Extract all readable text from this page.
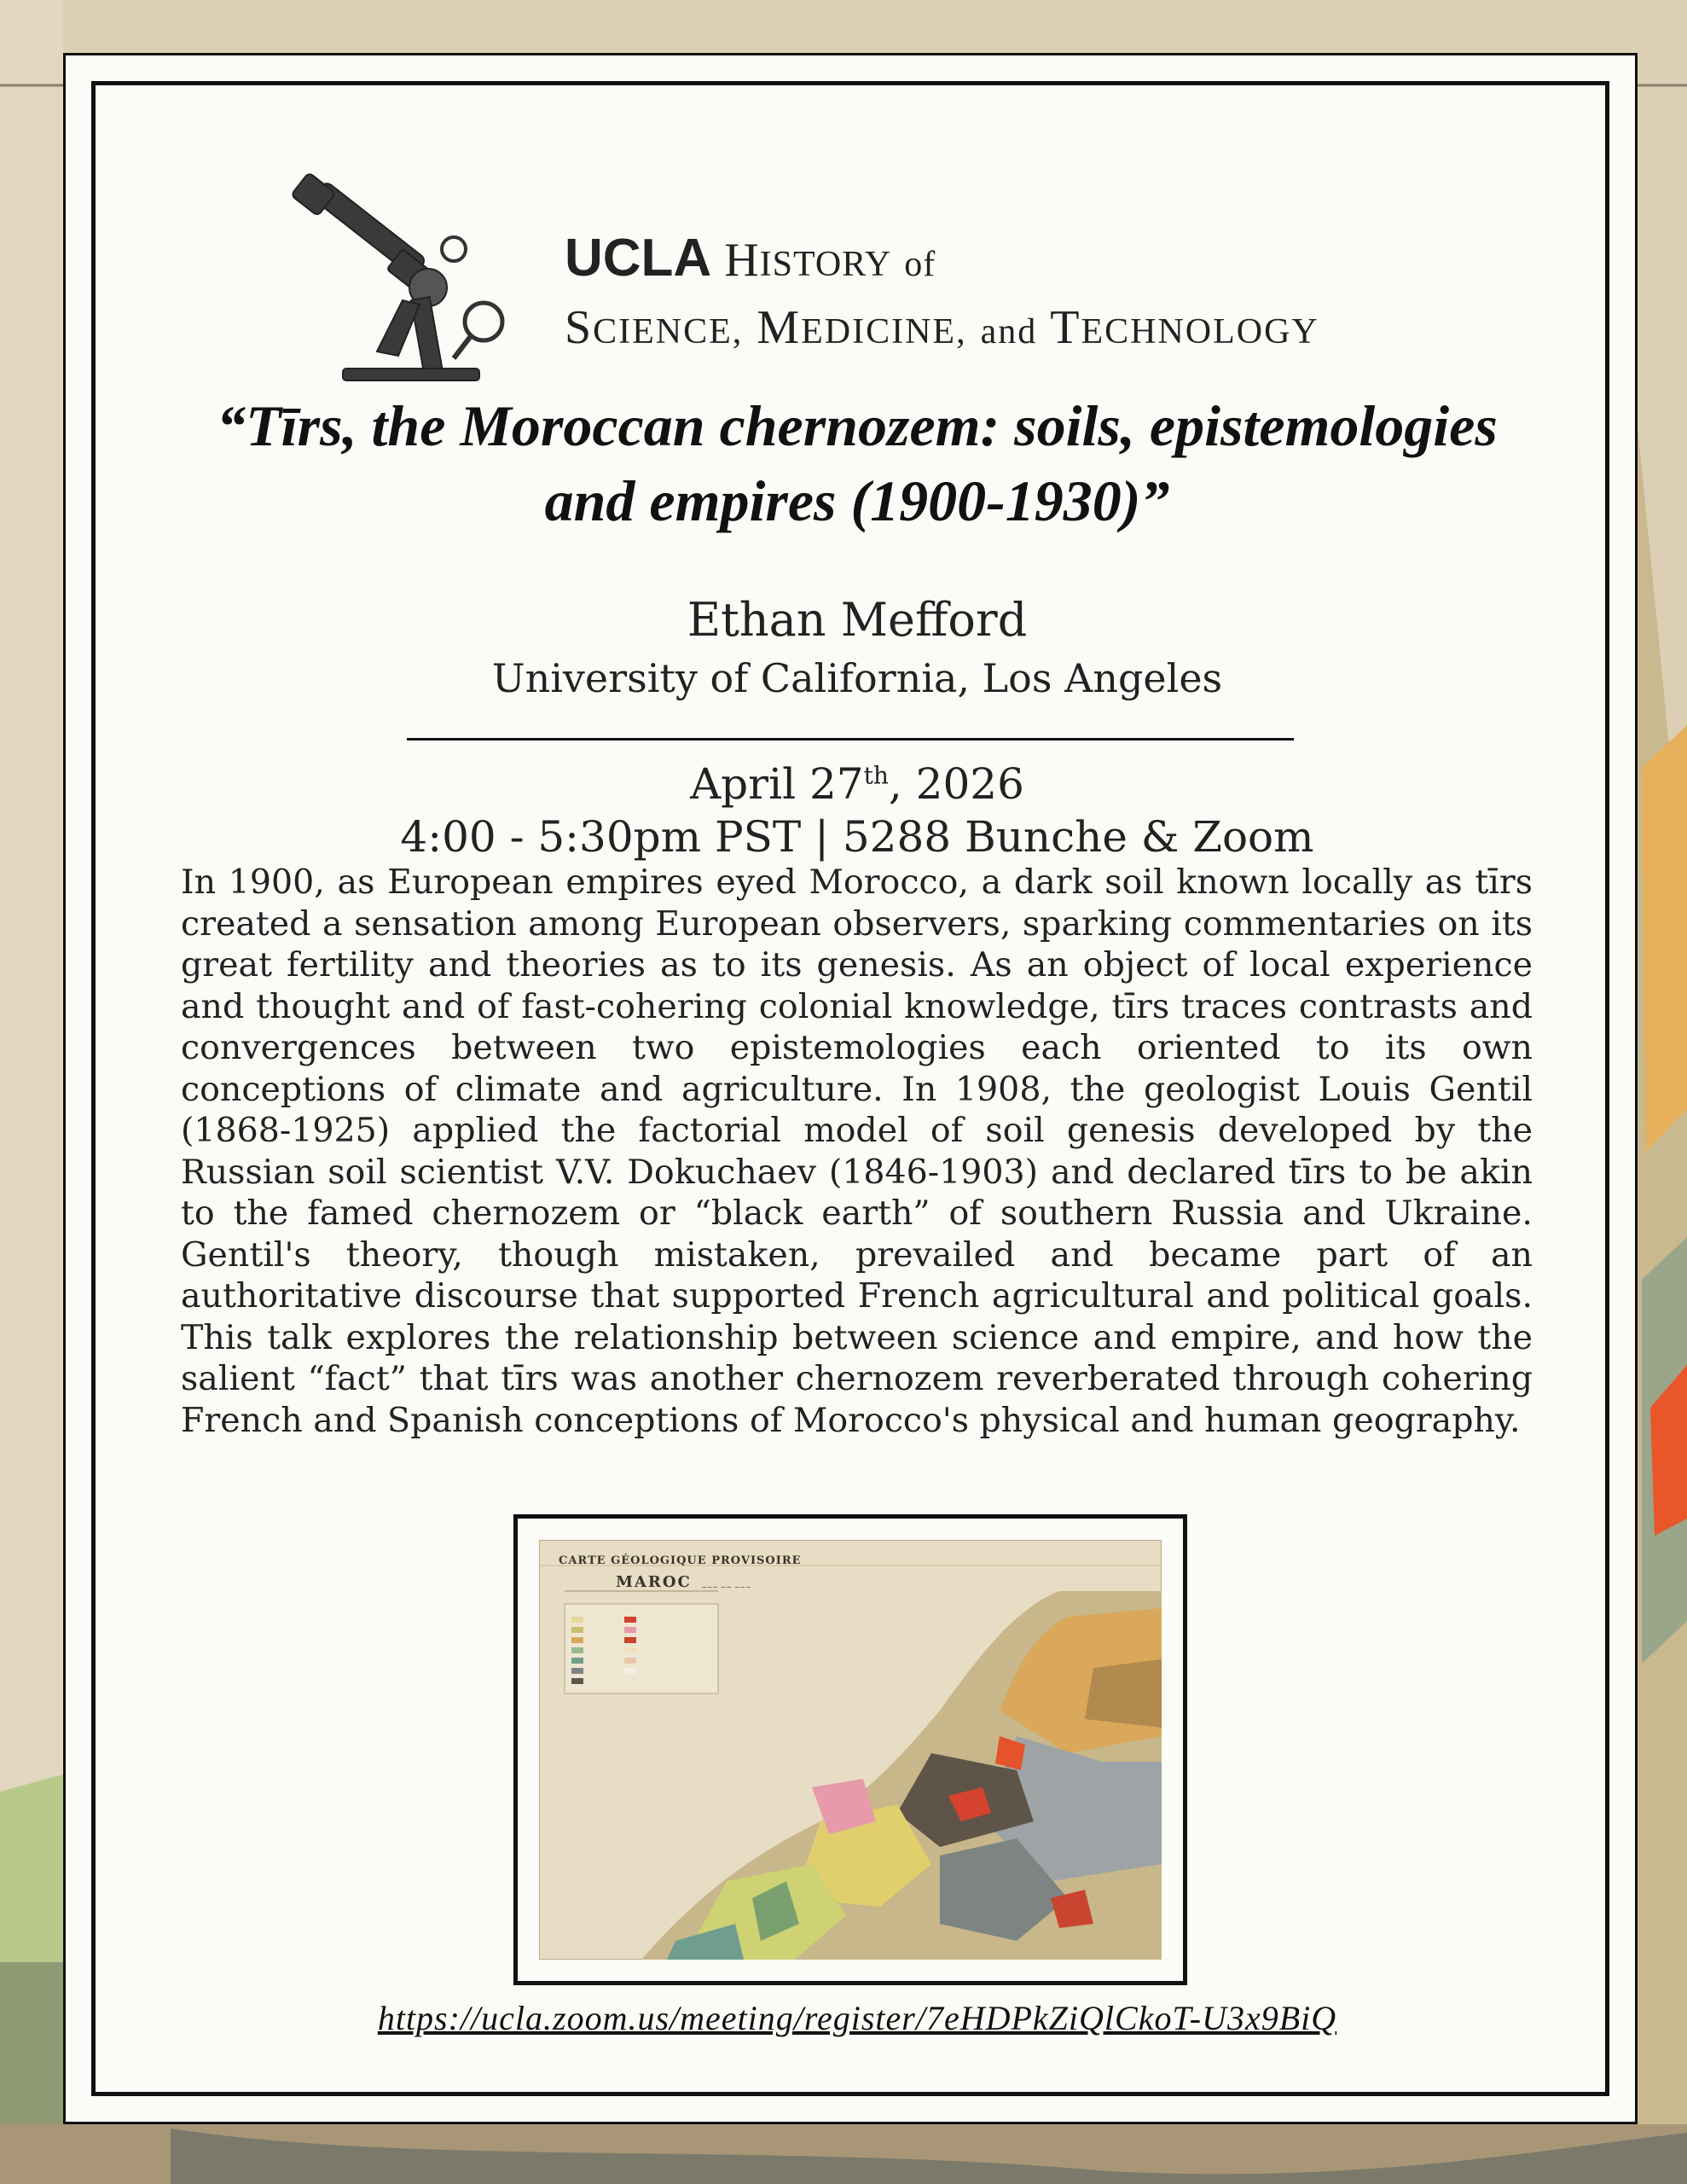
UCLA HISTORY of
SCIENCE, MEDICINE, and TECHNOLOGY
“Tīrs, the Moroccan chernozem: soils, epistemologies and empires (1900-1930)”
Ethan Mefford
University of California, Los Angeles
April 27th, 2026
4:00 - 5:30pm PST | 5288 Bunche & Zoom
In 1900, as European empires eyed Morocco, a dark soil known locally as tīrs created a sensation among European observers, sparking commentaries on its great fertility and theories as to its genesis. As an object of local experience and thought and of fast-cohering colonial knowledge, tīrs traces contrasts and convergences between two epistemologies each oriented to its own conceptions of climate and agriculture. In 1908, the geologist Louis Gentil (1868-1925) applied the factorial model of soil genesis developed by the Russian soil scientist V.V. Dokuchaev (1846-1903) and declared tīrs to be akin to the famed chernozem or “black earth” of southern Russia and Ukraine. Gentil's theory, though mistaken, prevailed and became part of an authoritative discourse that supported French agricultural and political goals. This talk explores the relationship between science and empire, and how the salient “fact” that tīrs was another chernozem reverberated through cohering French and Spanish conceptions of Morocco's physical and human geography.
~~~ ~~ ~~~
CARTE GÉOLOGIQUE PROVISOIRE
MAROC
https://ucla.zoom.us/meeting/register/7eHDPkZiQlCkoT-U3x9BiQ
